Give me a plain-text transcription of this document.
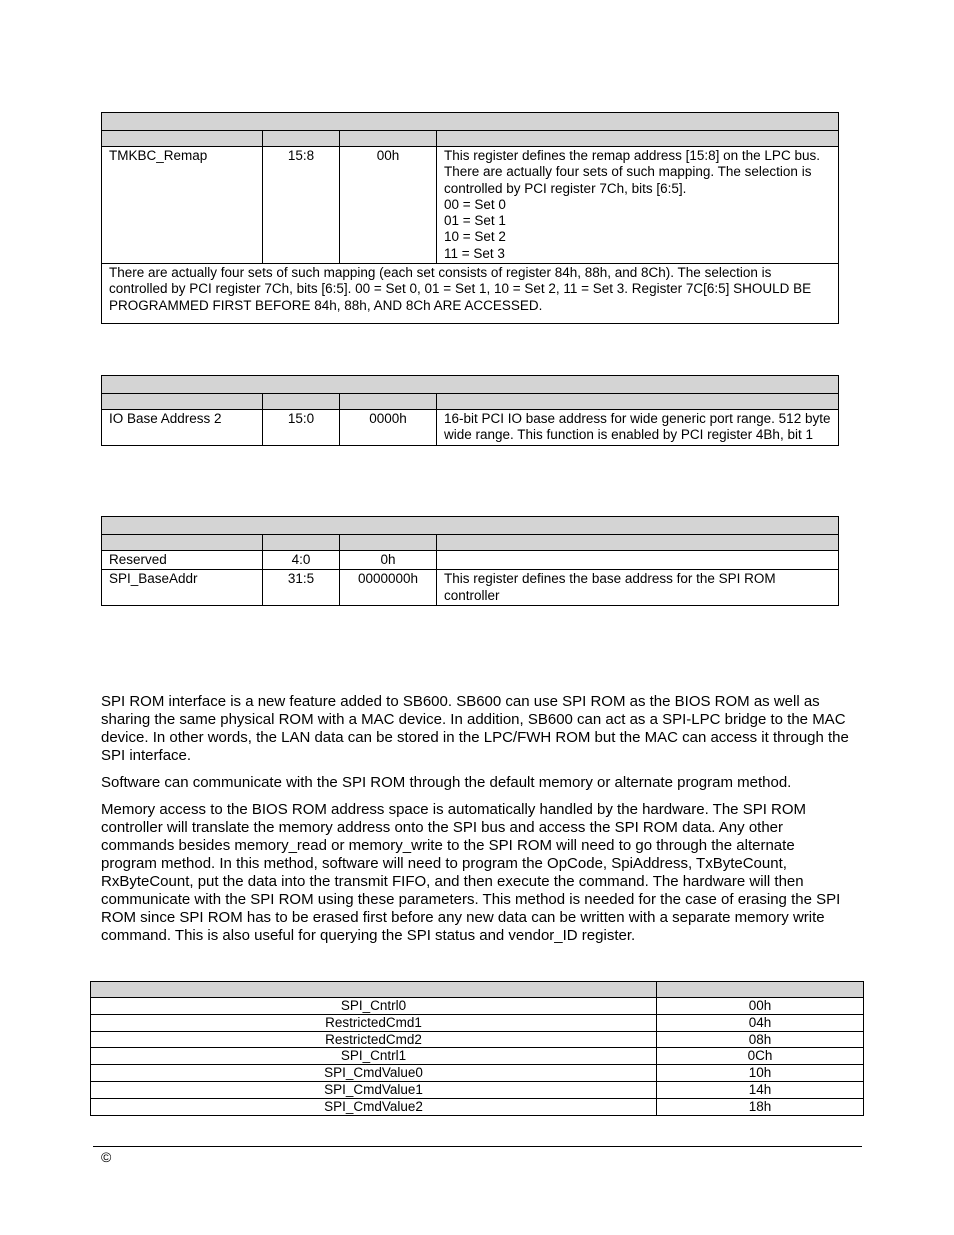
TMKBC_Remap	15:8	00h	This register defines the remap address [15:8] on the LPC bus. There are actually four sets of such mapping. The selection is controlled by PCI register 7Ch, bits [6:5].
00 = Set 0
01 = Set 1
10 = Set 2
11 = Set 3

There are actually four sets of such mapping (each set consists of register 84h, 88h, and 8Ch). The selection is controlled by PCI register 7Ch, bits [6:5]. 00 = Set 0, 01 = Set 1, 10 = Set 2, 11 = Set 3. Register 7C[6:5] SHOULD BE PROGRAMMED FIRST BEFORE 84h, 88h, AND 8Ch ARE ACCESSED.			

IO Base Address 2	15:0	0000h	16-bit PCI IO base address for wide generic port range. 512 byte wide range. This function is enabled by PCI register 4Bh, bit 1

Reserved	4:0	0h	
SPI_BaseAddr	31:5	0000000h	This register defines the base address for the SPI ROM controller

SPI ROM interface is a new feature added to SB600. SB600 can use SPI ROM as the BIOS ROM as well as sharing the same physical ROM with a MAC device. In addition, SB600 can act as a SPI-LPC bridge to the MAC device. In other words, the LAN data can be stored in the LPC/FWH ROM but the MAC can access it through the SPI interface.

Software can communicate with the SPI ROM through the default memory or alternate program method.

Memory access to the BIOS ROM address space is automatically handled by the hardware. The SPI ROM controller will translate the memory address onto the SPI bus and access the SPI ROM data. Any other commands besides memory_read or memory_write to the SPI ROM will need to go through the alternate program method. In this method, software will need to program the OpCode, SpiAddress, TxByteCount, RxByteCount, put the data into the transmit FIFO, and then execute the command. The hardware will then communicate with the SPI ROM using these parameters. This method is needed for the case of erasing the SPI ROM since SPI ROM has to be erased first before any new data can be written with a separate memory write command. This is also useful for querying the SPI status and vendor_ID register.

SPI_Cntrl0	00h
RestrictedCmd1	04h
RestrictedCmd2	08h
SPI_Cntrl1	0Ch
SPI_CmdValue0	10h
SPI_CmdValue1	14h
SPI_CmdValue2	18h
©
